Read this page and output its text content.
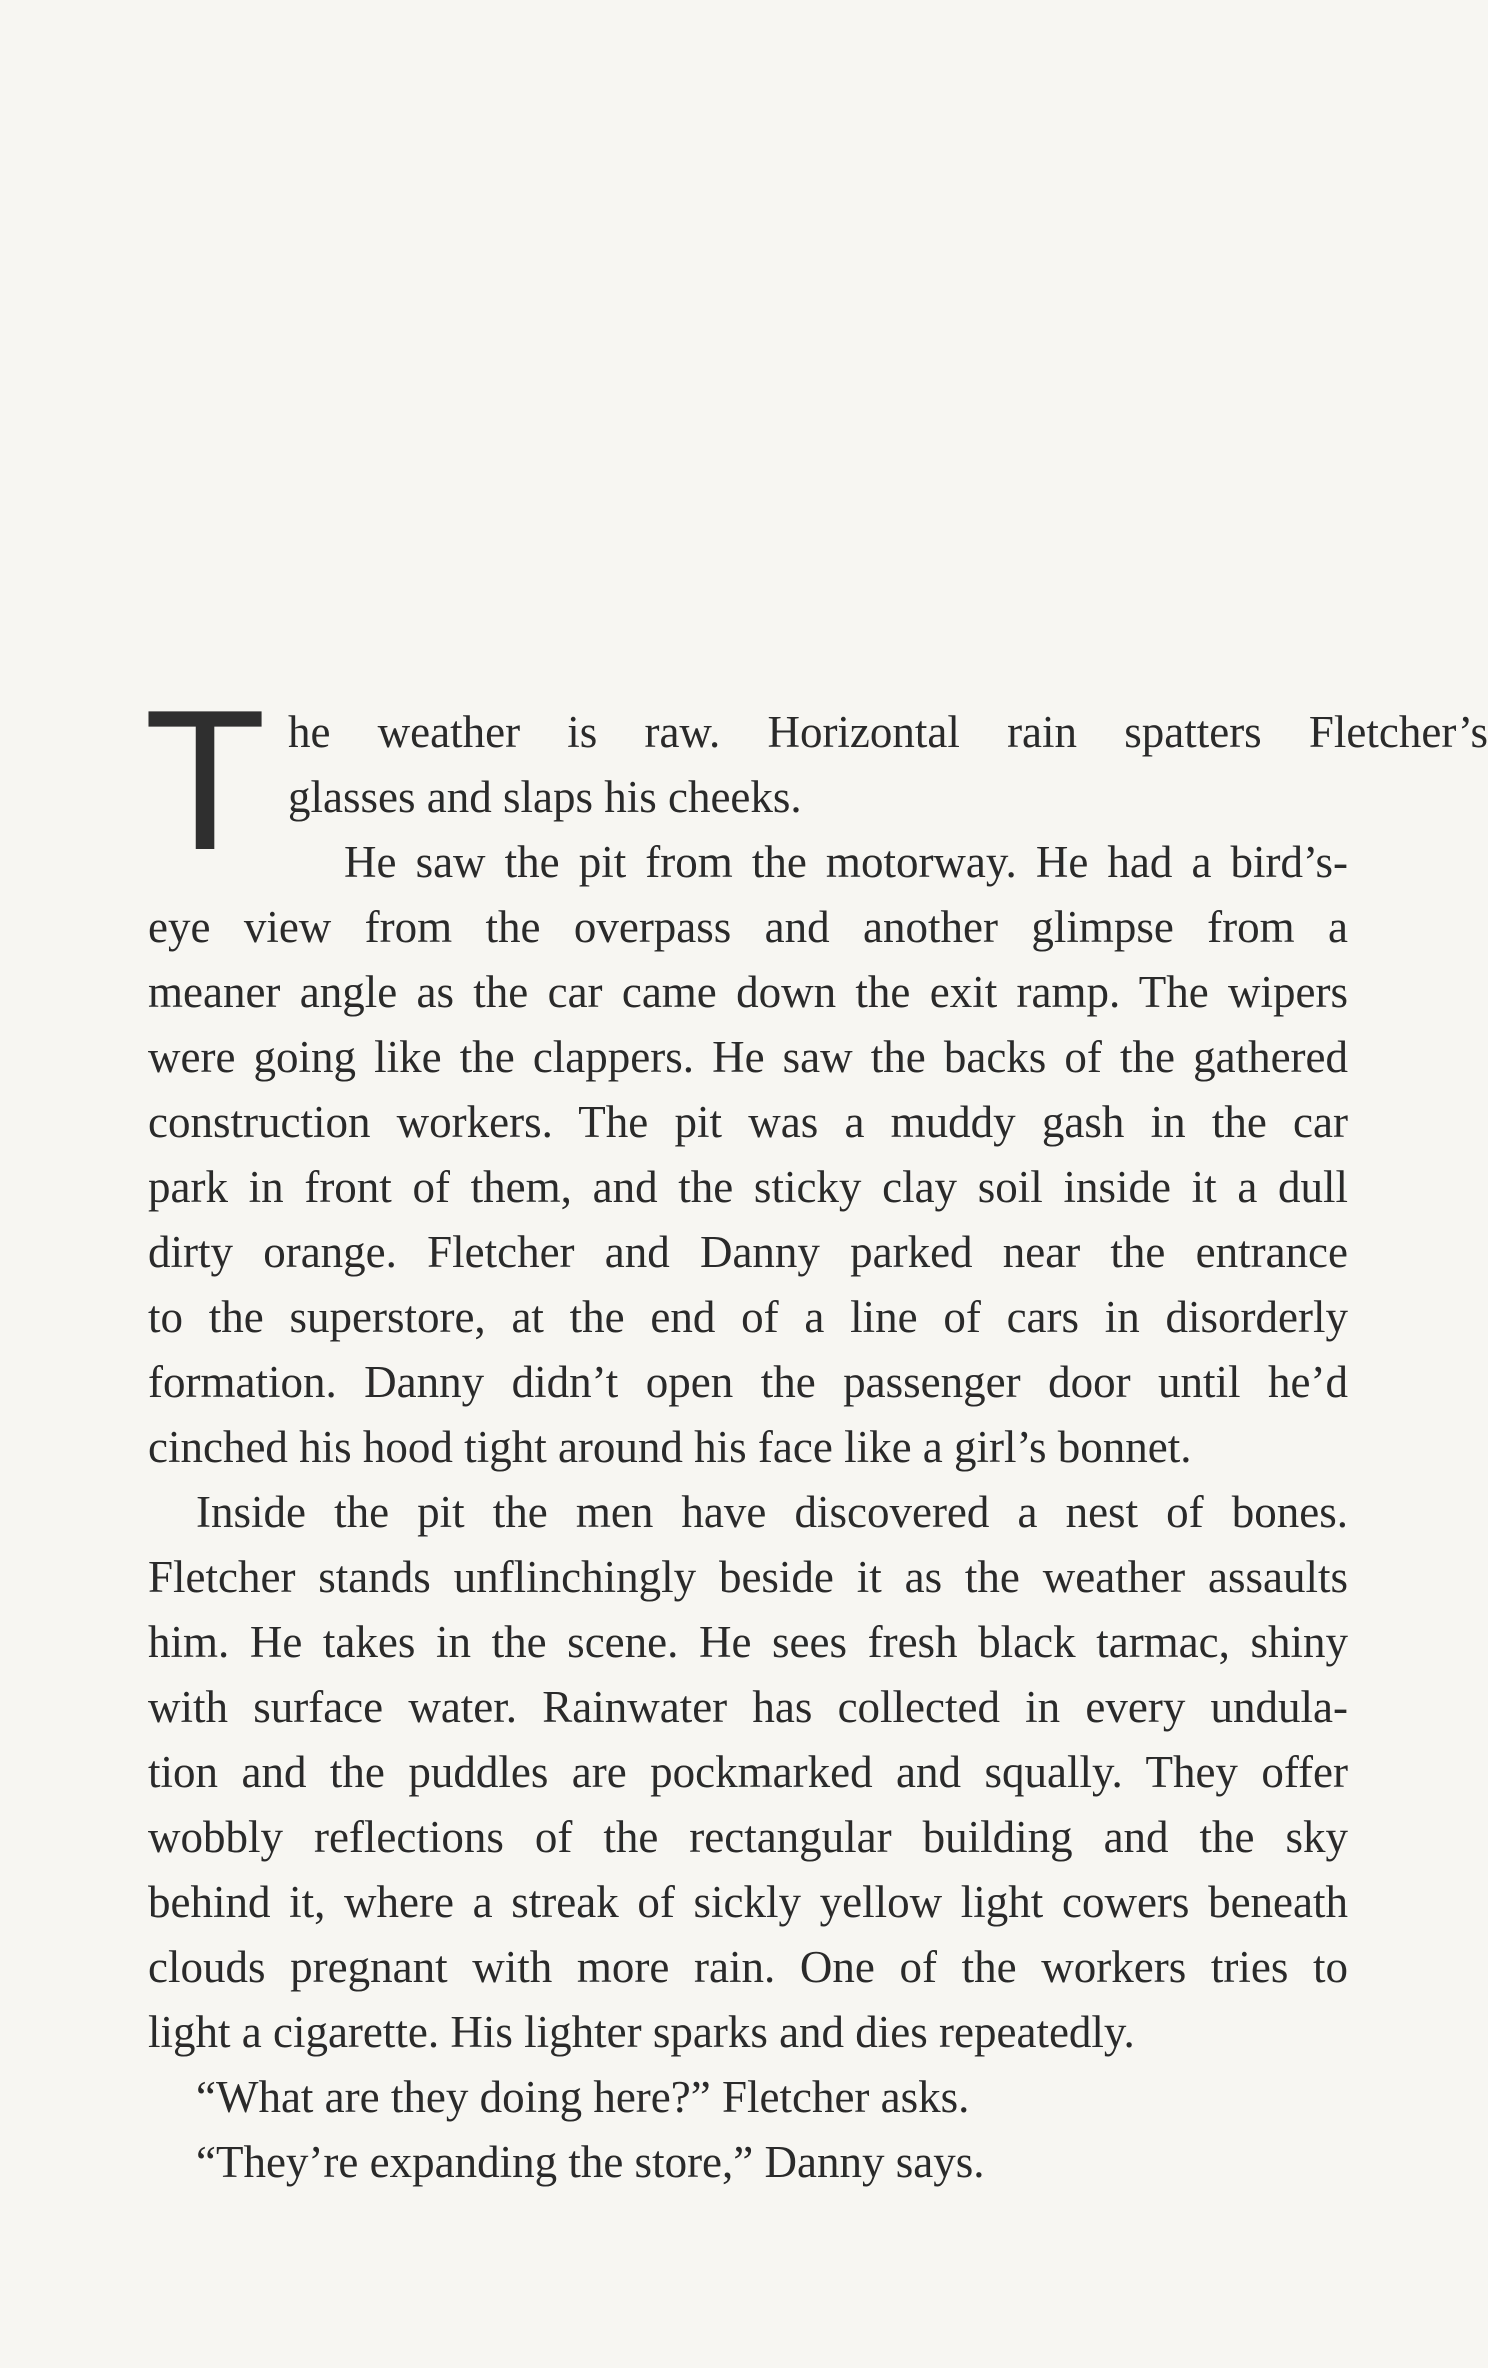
T he weather is raw. Horizontal rain spatters Fletcher’s
glasses and slaps his cheeks.
He saw the pit from the motorway. He had a bird’s-
eye view from the overpass and another glimpse from a
meaner angle as the car came down the exit ramp. The wipers
were going like the clappers. He saw the backs of the gathered
construction workers. The pit was a muddy gash in the car
park in front of them, and the sticky clay soil inside it a dull
dirty orange. Fletcher and Danny parked near the entrance
to the superstore, at the end of a line of cars in disorderly
formation. Danny didn’t open the passenger door until he’d
cinched his hood tight around his face like a girl’s bonnet.
Inside the pit the men have discovered a nest of bones.
Fletcher stands unflinchingly beside it as the weather assaults
him. He takes in the scene. He sees fresh black tarmac, shiny
with surface water. Rainwater has collected in every undula-
tion and the puddles are pockmarked and squally. They offer
wobbly reflections of the rectangular building and the sky
behind it, where a streak of sickly yellow light cowers beneath
clouds pregnant with more rain. One of the workers tries to
light a cigarette. His lighter sparks and dies repeatedly.
“What are they doing here?” Fletcher asks.
“They’re expanding the store,” Danny says.
